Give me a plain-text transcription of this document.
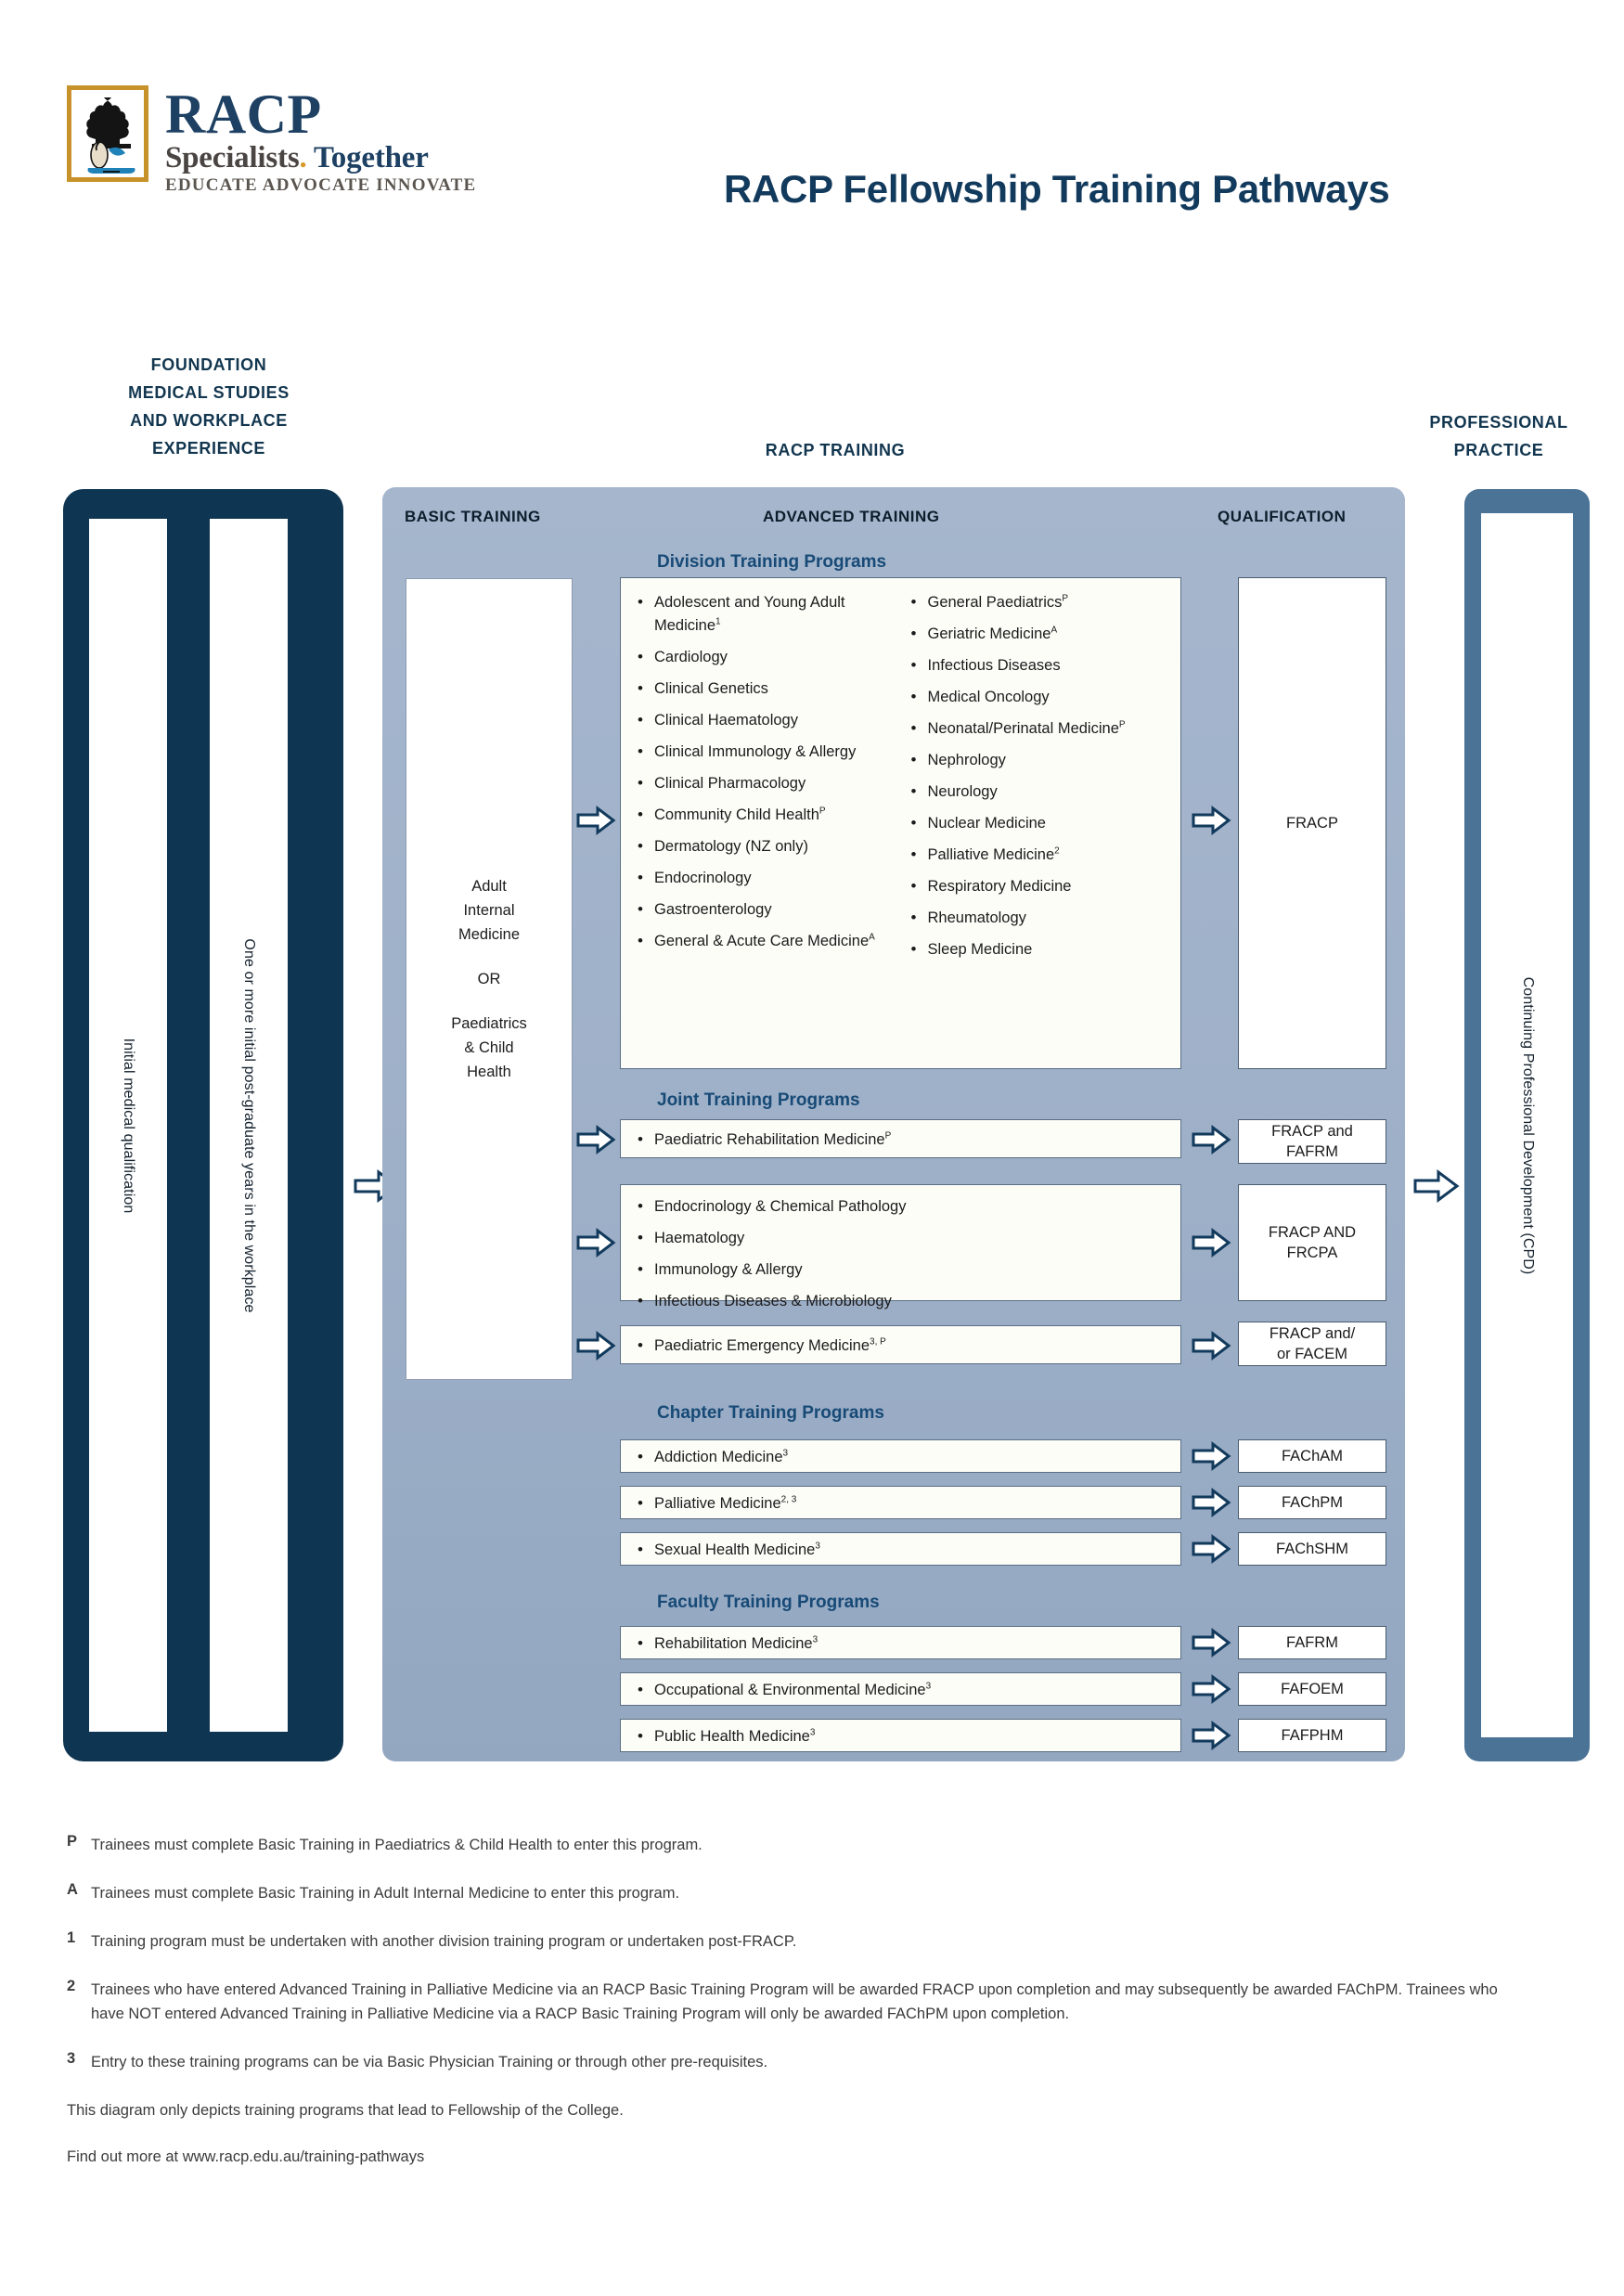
RACP
Specialists. Together
EDUCATE ADVOCATE INNOVATE	RACP Fellowship Training Pathways
FOUNDATION
MEDICAL STUDIES
AND WORKPLACE
EXPERIENCE	RACP TRAINING
PROFESSIONAL
PRACTICE
Initial medical qualification	One or more initial post-graduate years in the workplace
BASIC TRAINING	ADVANCED TRAINING	QUALIFICATION
Adult
Internal
Medicine
OR
Paediatrics
& Child
Health
Division Training Programs
• Adolescent and Young Adult Medicine$^1$
• Cardiology
• Clinical Genetics
• Clinical Haematology
• Clinical Immunology & Allergy
• Clinical Pharmacology
• Community Child Health$^P$
• Dermatology (NZ only)
• Endocrinology
• Gastroenterology
• General & Acute Care Medicine$^A$
• General Paediatrics$^P$
• Geriatric Medicine$^A$
• Infectious Diseases
• Medical Oncology
• Neonatal/Perinatal Medicine$^P$
• Nephrology
• Neurology
• Nuclear Medicine
• Palliative Medicine$^2$
• Respiratory Medicine
• Rheumatology
• Sleep Medicine
FRACP
Joint Training Programs
• Paediatric Rehabilitation Medicine$^P$	FRACP and
FAFRM
• Endocrinology & Chemical Pathology
• Haematology
• Immunology & Allergy
• Infectious Diseases & Microbiology
FRACP AND
FRCPA
• Paediatric Emergency Medicine$^{3, P}$	FRACP and/
or FACEM
Chapter Training Programs
• Addiction Medicine$^3$	FAChAM
• Palliative Medicine$^{2, 3}$	FAChPM
• Sexual Health Medicine$^3$	FAChSHM
Faculty Training Programs
• Rehabilitation Medicine$^3$	FAFRM
• Occupational & Environmental Medicine$^3$	FAFOEM
• Public Health Medicine$^3$	FAFPHM
Continuing Professional Development (CPD)
P Trainees must complete Basic Training in Paediatrics & Child Health to enter this program.
A Trainees must complete Basic Training in Adult Internal Medicine to enter this program.
1	Training program must be undertaken with another division training program or undertaken post-FRACP.
2	Trainees who have entered Advanced Training in Palliative Medicine via an RACP Basic Training Program will be awarded FRACP upon completion and may subsequently be awarded FAChPM. Trainees who have NOT entered Advanced Training in Palliative Medicine via a RACP Basic Training Program will only be awarded FAChPM upon completion.
3	Entry to these training programs can be via Basic Physician Training or through other pre-requisites.
This diagram only depicts training programs that lead to Fellowship of the College.
Find out more at www.racp.edu.au/training-pathways
